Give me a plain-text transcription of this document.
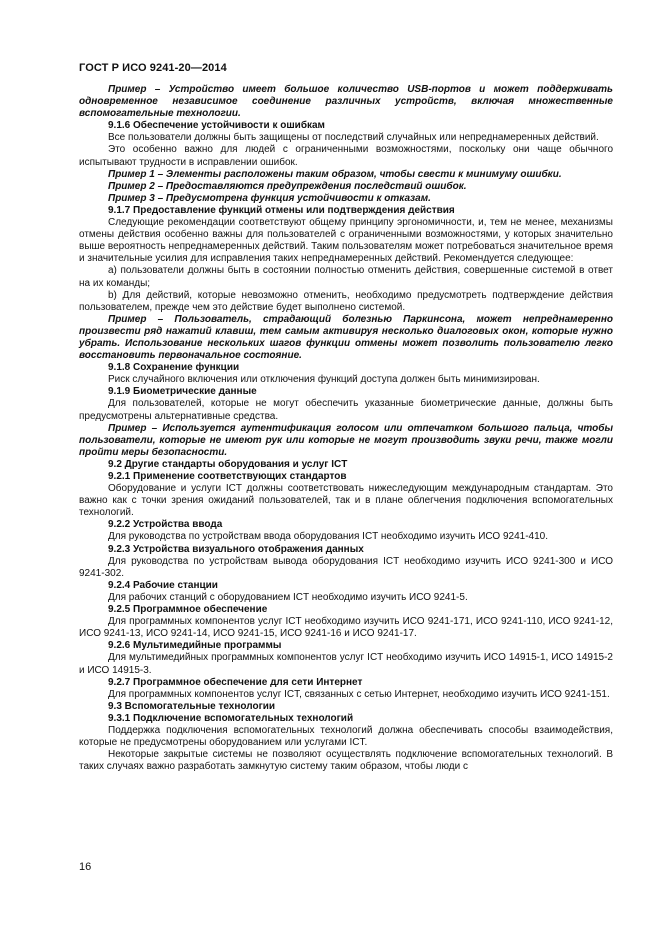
ГОСТ Р ИСО 9241-20—2014

Пример – Устройство имеет большое количество USB-портов и может поддерживать одновременное независимое соединение различных устройств, включая множественные вспомогательные технологии.

9.1.6 Обеспечение устойчивости к ошибкам

Все пользователи должны быть защищены от последствий случайных или непреднамеренных действий.

Это особенно важно для людей с ограниченными возможностями, поскольку они чаще обычного испытывают трудности в исправлении ошибок.

Пример 1 – Элементы расположены таким образом, чтобы свести к минимуму ошибки.

Пример 2 – Предоставляются предупреждения последствий ошибок.

Пример 3 – Предусмотрена функция устойчивости к отказам.

9.1.7 Предоставление функций отмены или подтверждения действия

Следующие рекомендации соответствуют общему принципу эргономичности, и, тем не менее, механизмы отмены действия особенно важны для пользователей с ограниченными возможностями, у которых значительно выше вероятность непреднамеренных действий. Таким пользователям может потребоваться значительное время и значительные усилия для исправления таких непреднамеренных действий. Рекомендуется следующее:

a) пользователи должны быть в состоянии полностью отменить действия, совершенные системой в ответ на их команды;

b) Для действий, которые невозможно отменить, необходимо предусмотреть подтверждение действия пользователем, прежде чем это действие будет выполнено системой.

Пример – Пользователь, страдающий болезнью Паркинсона, может непреднамеренно произвести ряд нажатий клавиш, тем самым активируя несколько диалоговых окон, которые нужно убрать. Использование нескольких шагов функции отмены может позволить пользователю легко восстановить первоначальное состояние.

9.1.8 Сохранение функции

Риск случайного включения или отключения функций доступа должен быть минимизирован.

9.1.9 Биометрические данные

Для пользователей, которые не могут обеспечить указанные биометрические данные, должны быть предусмотрены альтернативные средства.

Пример – Используется аутентификация голосом или отпечатком большого пальца, чтобы пользователи, которые не имеют рук или которые не могут производить звуки речи, также могли пройти меры безопасности.

9.2 Другие стандарты оборудования и услуг ICT

9.2.1 Применение соответствующих стандартов

Оборудование и услуги ICT должны соответствовать нижеследующим международным стандартам. Это важно как с точки зрения ожиданий пользователей, так и в плане облегчения подключения вспомогательных технологий.

9.2.2 Устройства ввода

Для руководства по устройствам ввода оборудования ICT необходимо изучить ИСО 9241-410.

9.2.3 Устройства визуального отображения данных

Для руководства по устройствам вывода оборудования ICT необходимо изучить ИСО 9241-300 и ИСО 9241-302.

9.2.4 Рабочие станции

Для рабочих станций с оборудованием ICT необходимо изучить ИСО 9241-5.

9.2.5 Программное обеспечение

Для программных компонентов услуг ICT необходимо изучить ИСО 9241-171, ИСО 9241-110, ИСО 9241-12, ИСО 9241-13, ИСО 9241-14, ИСО 9241-15, ИСО 9241-16 и ИСО 9241-17.

9.2.6 Мультимедийные программы

Для мультимедийных программных компонентов услуг ICT необходимо изучить ИСО 14915-1, ИСО 14915-2 и ИСО 14915-3.

9.2.7 Программное обеспечение для сети Интернет

Для программных компонентов услуг ICT, связанных с сетью Интернет, необходимо изучить ИСО 9241-151.

9.3 Вспомогательные технологии

9.3.1 Подключение вспомогательных технологий

Поддержка подключения вспомогательных технологий должна обеспечивать способы взаимодействия, которые не предусмотрены оборудованием или услугами ICT.

Некоторые закрытые системы не позволяют осуществлять подключение вспомогательных технологий. В таких случаях важно разработать замкнутую систему таким образом, чтобы люди с

16
